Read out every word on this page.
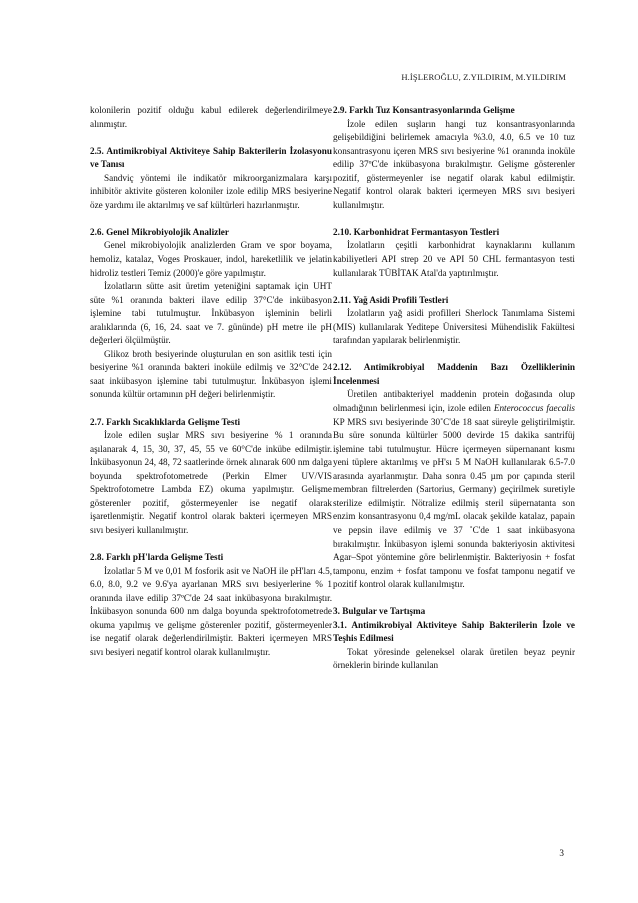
H.İŞLEROĞLU, Z.YILDIRIM, M.YILDIRIM

kolonilerin pozitif olduğu kabul edilerek değerlendirilmeye alınmıştır.

2.5. Antimikrobiyal Aktiviteye Sahip Bakterilerin İzolasyonu ve Tanısı

Sandviç yöntemi ile indikatör mikroorganizmalara karşı inhibitör aktivite gösteren koloniler izole edilip MRS besiyerine öze yardımı ile aktarılmış ve saf kültürleri hazırlanmıştır.

2.6. Genel Mikrobiyolojik Analizler

Genel mikrobiyolojik analizlerden Gram ve spor boyama, hemoliz, katalaz, Voges Proskauer, indol, hareketlilik ve jelatin hidroliz testleri Temiz (2000)'e göre yapılmıştır.

İzolatların sütte asit üretim yeteniğini saptamak için UHT süte %1 oranında bakteri ilave edilip 37°C'de inkübasyon işlemine tabi tutulmuştur. İnkübasyon işleminin belirli aralıklarında (6, 16, 24. saat ve 7. gününde) pH metre ile pH değerleri ölçülmüştür.

Glikoz broth besiyerinde oluşturulan en son asitlik testi için besiyerine %1 oranında bakteri inoküle edilmiş ve 32°C'de 24 saat inkübasyon işlemine tabi tutulmuştur. İnkübasyon işlemi sonunda kültür ortamının pH değeri belirlenmiştir.

2.7. Farklı Sıcaklıklarda Gelişme Testi

İzole edilen suşlar MRS sıvı besiyerine % 1 oranında aşılanarak 4, 15, 30, 37, 45, 55 ve 60°C'de inkübe edilmiştir. İnkübasyonun 24, 48, 72 saatlerinde örnek alınarak 600 nm dalga boyunda spektrofotometrede (Perkin Elmer UV/VIS Spektrofotometre Lambda EZ) okuma yapılmıştır. Gelişme gösterenler pozitif, göstermeyenler ise negatif olarak işaretlenmiştir. Negatif kontrol olarak bakteri içermeyen MRS sıvı besiyeri kullanılmıştır.

2.8. Farklı pH'larda Gelişme Testi

İzolatlar 5 M ve 0,01 M fosforik asit ve NaOH ile pH'ları 4.5, 6.0, 8.0, 9.2 ve 9.6'ya ayarlanan MRS sıvı besiyerlerine % 1 oranında ilave edilip 37ºC'de 24 saat inkübasyona bırakılmıştır. İnkübasyon sonunda 600 nm dalga boyunda spektrofotometrede okuma yapılmış ve gelişme gösterenler pozitif, göstermeyenler ise negatif olarak değerlendirilmiştir. Bakteri içermeyen MRS sıvı besiyeri negatif kontrol olarak kullanılmıştır.

2.9. Farklı Tuz Konsantrasyonlarında Gelişme

İzole edilen suşların hangi tuz konsantrasyonlarında gelişebildiğini belirlemek amacıyla %3.0, 4.0, 6.5 ve 10 tuz konsantrasyonu içeren MRS sıvı besiyerine %1 oranında inoküle edilip 37ºC'de inkübasyona bırakılmıştır. Gelişme gösterenler pozitif, göstermeyenler ise negatif olarak kabul edilmiştir. Negatif kontrol olarak bakteri içermeyen MRS sıvı besiyeri kullanılmıştır.

2.10. Karbonhidrat Fermantasyon Testleri

İzolatların çeşitli karbonhidrat kaynaklarını kullanım kabiliyetleri API strep 20 ve API 50 CHL fermantasyon testi kullanılarak TÜBİTAK Atal'da yaptırılmıştır.

2.11. Yağ Asidi Profili Testleri

İzolatların yağ asidi profilleri Sherlock Tanımlama Sistemi (MIS) kullanılarak Yeditepe Üniversitesi Mühendislik Fakültesi tarafından yapılarak belirlenmiştir.

2.12. Antimikrobiyal Maddenin Bazı Özelliklerinin İncelenmesi

Üretilen antibakteriyel maddenin protein doğasında olup olmadığının belirlenmesi için, izole edilen Enterococcus faecalis KP MRS sıvı besiyerinde 30˚C'de 18 saat süreyle geliştirilmiştir. Bu süre sonunda kültürler 5000 devirde 15 dakika santrifüj işlemine tabi tutulmuştur. Hücre içermeyen süpernanant kısmı yeni tüplere aktarılmış ve pH'sı 5 M NaOH kullanılarak 6.5-7.0 arasında ayarlanmıştır. Daha sonra 0.45 µm por çapında steril membran filtrelerden (Sartorius, Germany) geçirilmek suretiyle sterilize edilmiştir. Nötralize edilmiş steril süpernatanta son enzim konsantrasyonu 0,4 mg/mL olacak şekilde katalaz, papain ve pepsin ilave edilmiş ve 37 ˚C'de 1 saat inkübasyona bırakılmıştır. İnkübasyon işlemi sonunda bakteriyosin aktivitesi Agar–Spot yöntemine göre belirlenmiştir. Bakteriyosin + fosfat tamponu, enzim + fosfat tamponu ve fosfat tamponu negatif ve pozitif kontrol olarak kullanılmıştır.

3. Bulgular ve Tartışma

3.1. Antimikrobiyal Aktiviteye Sahip Bakterilerin İzole ve Teşhis Edilmesi

Tokat yöresinde geleneksel olarak üretilen beyaz peynir örneklerin birinde kullanılan

3
